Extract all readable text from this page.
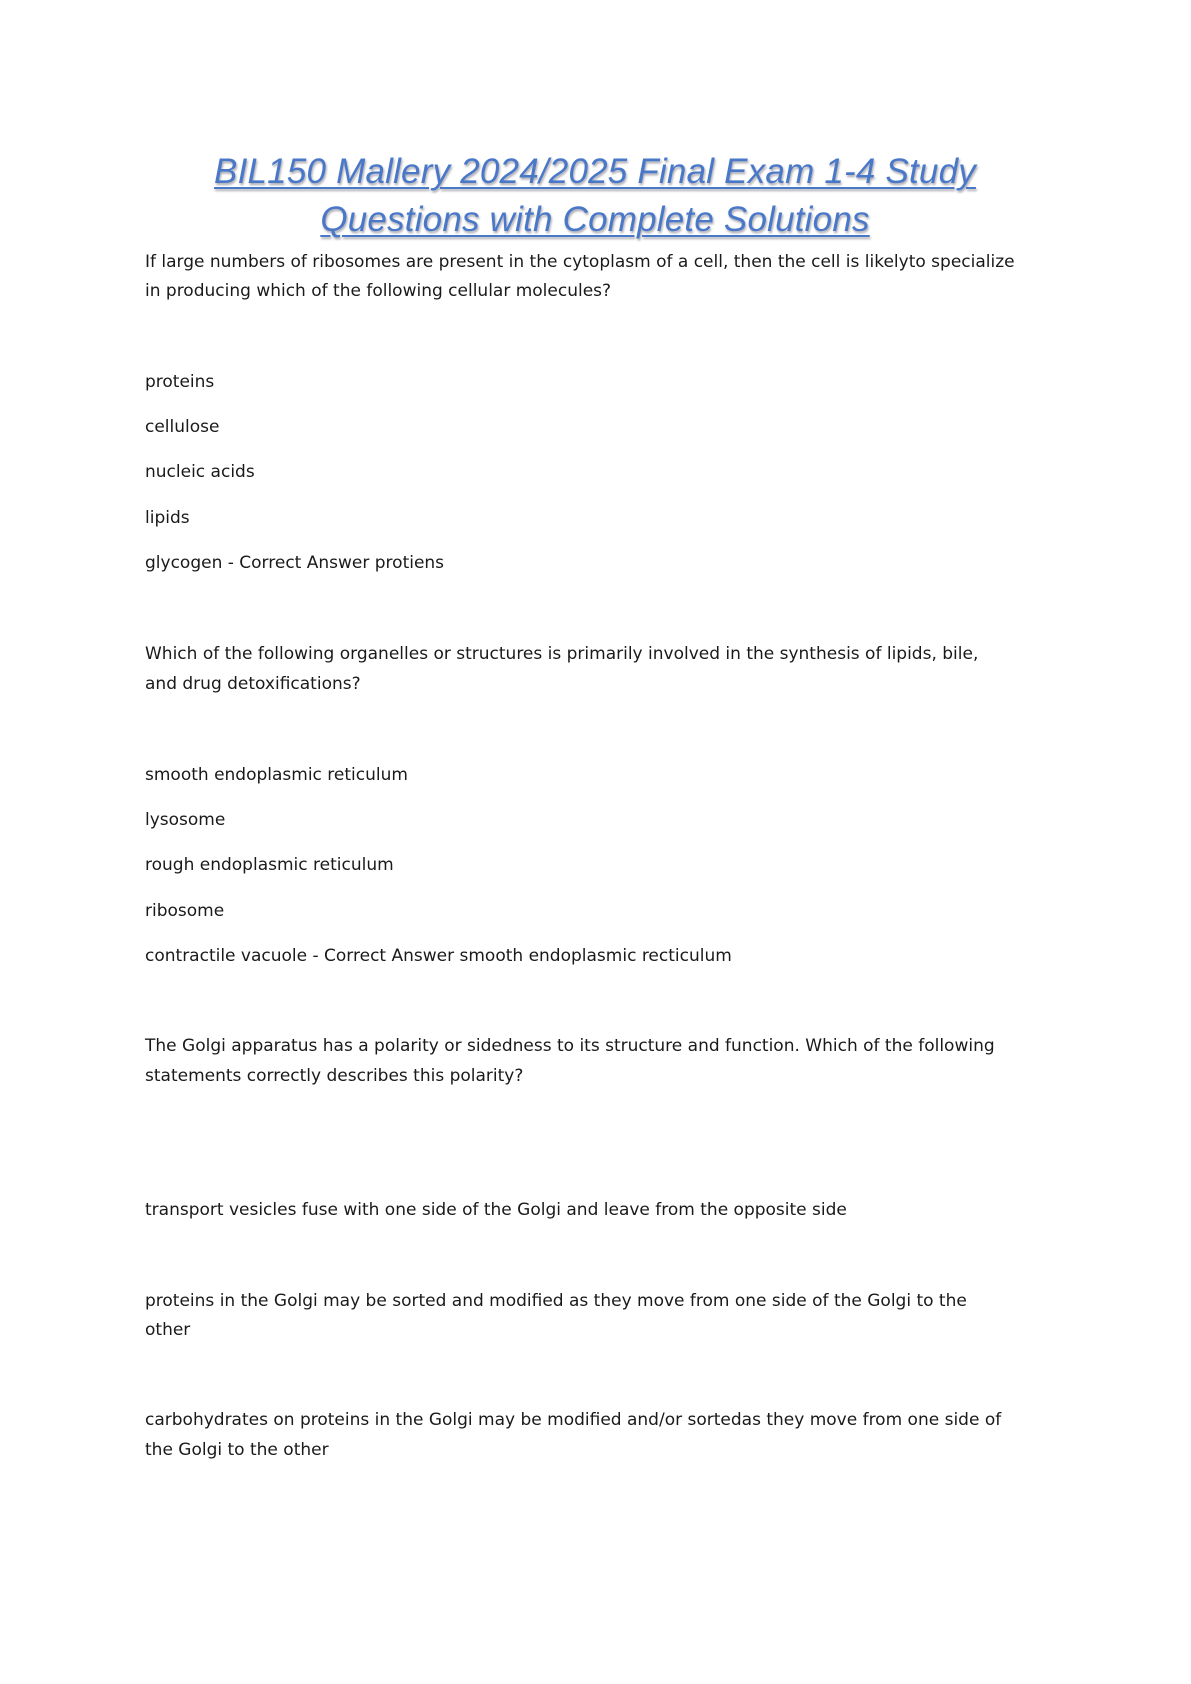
BIL150 Mallery 2024/2025 Final Exam 1-4 Study
Questions with Complete Solutions
If large numbers of ribosomes are present in the cytoplasm of a cell, then the cell is likelyto specialize
in producing which of the following cellular molecules?
proteins
cellulose
nucleic acids
lipids
glycogen - Correct Answer protiens
Which of the following organelles or structures is primarily involved in the synthesis of lipids, bile,
and drug detoxifications?
smooth endoplasmic reticulum
lysosome
rough endoplasmic reticulum
ribosome
contractile vacuole - Correct Answer smooth endoplasmic recticulum
The Golgi apparatus has a polarity or sidedness to its structure and function. Which of the following
statements correctly describes this polarity?
transport vesicles fuse with one side of the Golgi and leave from the opposite side
proteins in the Golgi may be sorted and modified as they move from one side of the Golgi to the
other
carbohydrates on proteins in the Golgi may be modified and/or sortedas they move from one side of
the Golgi to the other
